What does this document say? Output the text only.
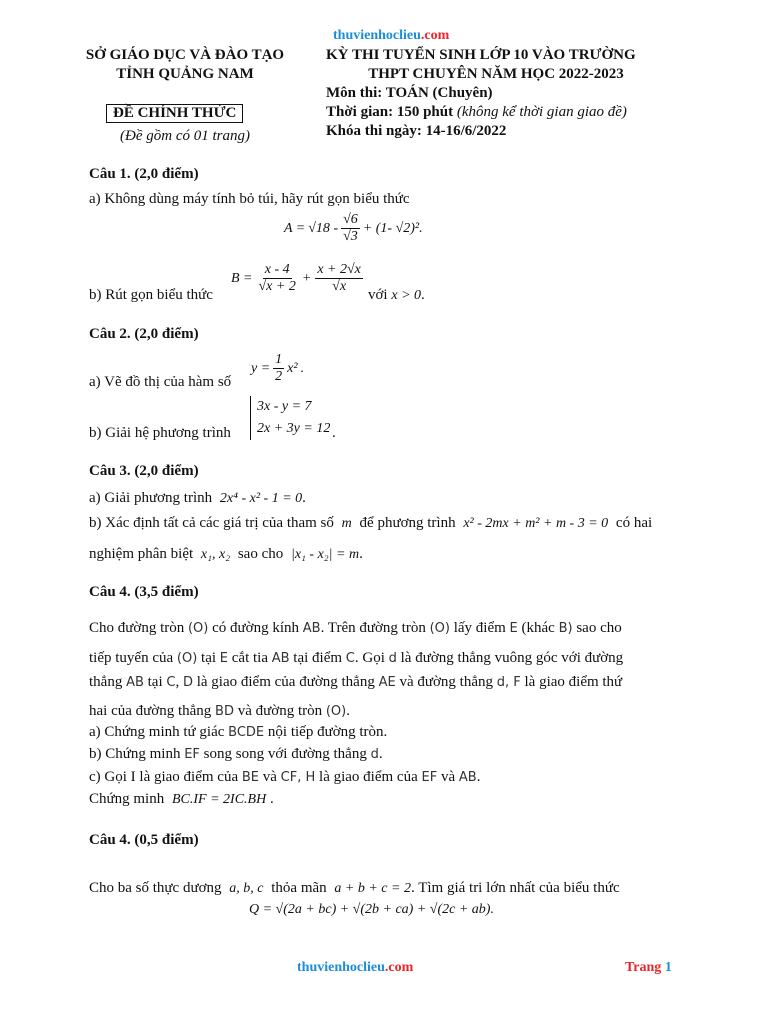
thuvienhoclieu.com
SỞ GIÁO DỤC VÀ ĐÀO TẠO
TỈNH QUẢNG NAM
ĐỀ CHÍNH THỨC
(Đề gồm có 01 trang)
KỲ THI TUYỂN SINH LỚP 10 VÀO TRƯỜNG
THPT CHUYÊN NĂM HỌC 2022-2023
Môn thi: TOÁN (Chuyên)
Thời gian: 150 phút (không kể thời gian giao đề)
Khóa thi ngày: 14-16/6/2022
Câu 1. (2,0 điểm)
a) Không dùng máy tính bỏ túi, hãy rút gọn biểu thức
$A = √18 - \frac{√6}{√3} + (1-$ √2)².
b) Rút gọn biểu thức
$B = \frac{x - 4}{√x + 2} + \frac{x + 2√x}{√x}$ với x > 0.
Câu 2. (2,0 điểm)
a) Vẽ đồ thị của hàm số
$y = \frac{1}{2} x^2$ .
b) Giải hệ phương trình
3x - y = 7
2x + 3y = 12 .
Câu 3. (2,0 điểm)
a) Giải phương trình 2x⁴ - x² - 1 = 0.
b) Xác định tất cả các giá trị của tham số m để phương trình x² - 2mx + m² + m - 3 = 0 có hai
nghiệm phân biệt x₁, x₂ sao cho |x₁ - x₂| = m.
Câu 4. (3,5 điểm)
Cho đường tròn (O) có đường kính AB. Trên đường tròn (O) lấy điểm E (khác B) sao cho
tiếp tuyến của (O) tại E cắt tia AB tại điểm C. Gọi d là đường thẳng vuông góc với đường
thẳng AB tại C, D là giao điểm của đường thẳng AE và đường thẳng d, F là giao điểm thứ
hai của đường thẳng BD và đường tròn (O).
a) Chứng minh tứ giác BCDE nội tiếp đường tròn.
b) Chứng minh EF song song với đường thẳng d.
c) Gọi I là giao điểm của BE và CF, H là giao điểm của EF và AB.
Chứng minh BC.IF = 2IC.BH .
Câu 4. (0,5 điểm)
Cho ba số thực dương a, b, c thỏa mãn a + b + c = 2. Tìm giá tri lớn nhất của biểu thức
Q = √(2a + bc) + √(2b + ca) + √(2c + ab).
thuvienhoclieu.com	Trang 1
